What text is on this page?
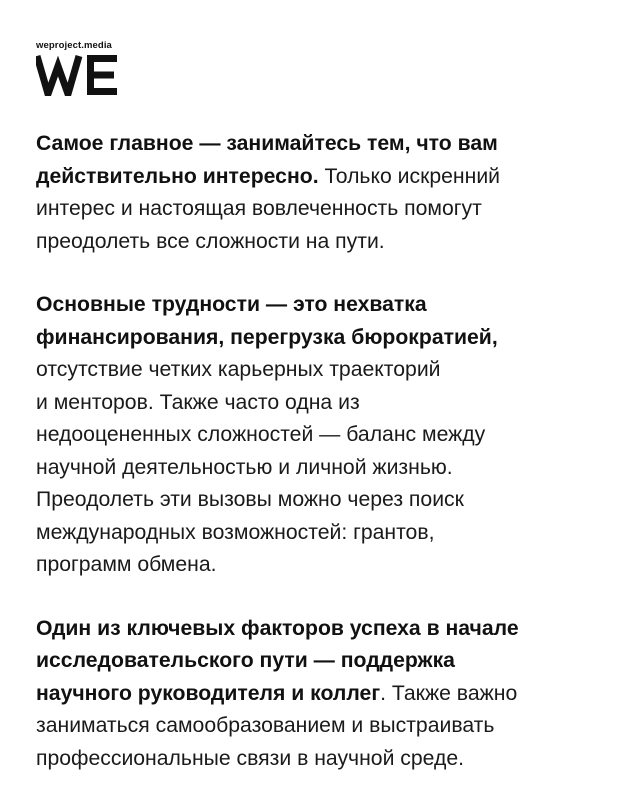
weproject.media
Самое главное — занимайтесь тем, что вам
действительно интересно. Только искренний
интерес и настоящая вовлеченность помогут
преодолеть все сложности на пути.
Основные трудности — это нехватка
финансирования, перегрузка бюрократией,
отсутствие четких карьерных траекторий
и менторов. Также часто одна из
недооцененных сложностей — баланс между
научной деятельностью и личной жизнью.
Преодолеть эти вызовы можно через поиск
международных возможностей: грантов,
программ обмена.
Один из ключевых факторов успеха в начале
исследовательского пути — поддержка
научного руководителя и коллег. Также важно
заниматься самообразованием и выстраивать
профессиональные связи в научной среде.
